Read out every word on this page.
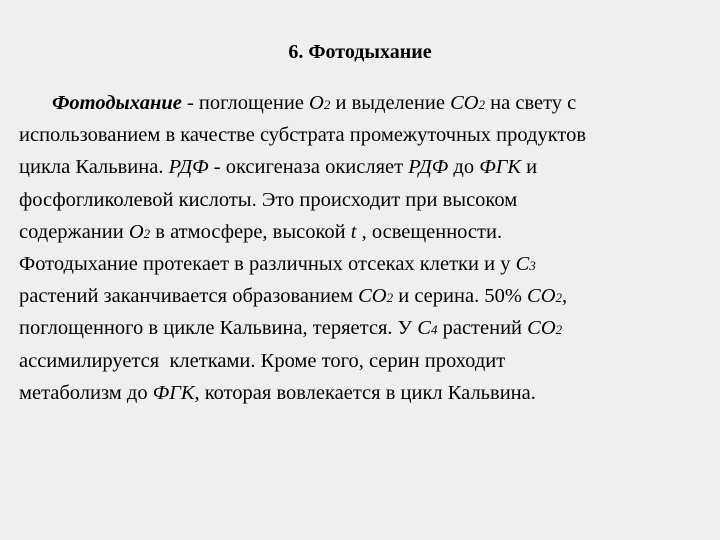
6. Фотодыхание
Фотодыхание - поглощение О2 и выделение СО2 на свету с
использованием в качестве субстрата промежуточных продуктов
цикла Кальвина. РДФ - оксигеназа окисляет РДФ до ФГК и
фосфогликолевой кислоты. Это происходит при высоком
содержании О2 в атмосфере, высокой t , освещенности.
Фотодыхание протекает в различных отсеках клетки и у С3
растений заканчивается образованием СО2 и серина. 50% СО2,
поглощенного в цикле Кальвина, теряется. У С4 растений СО2
ассимилируется  клетками. Кроме того, серин проходит
метаболизм до ФГК, которая вовлекается в цикл Кальвина.
